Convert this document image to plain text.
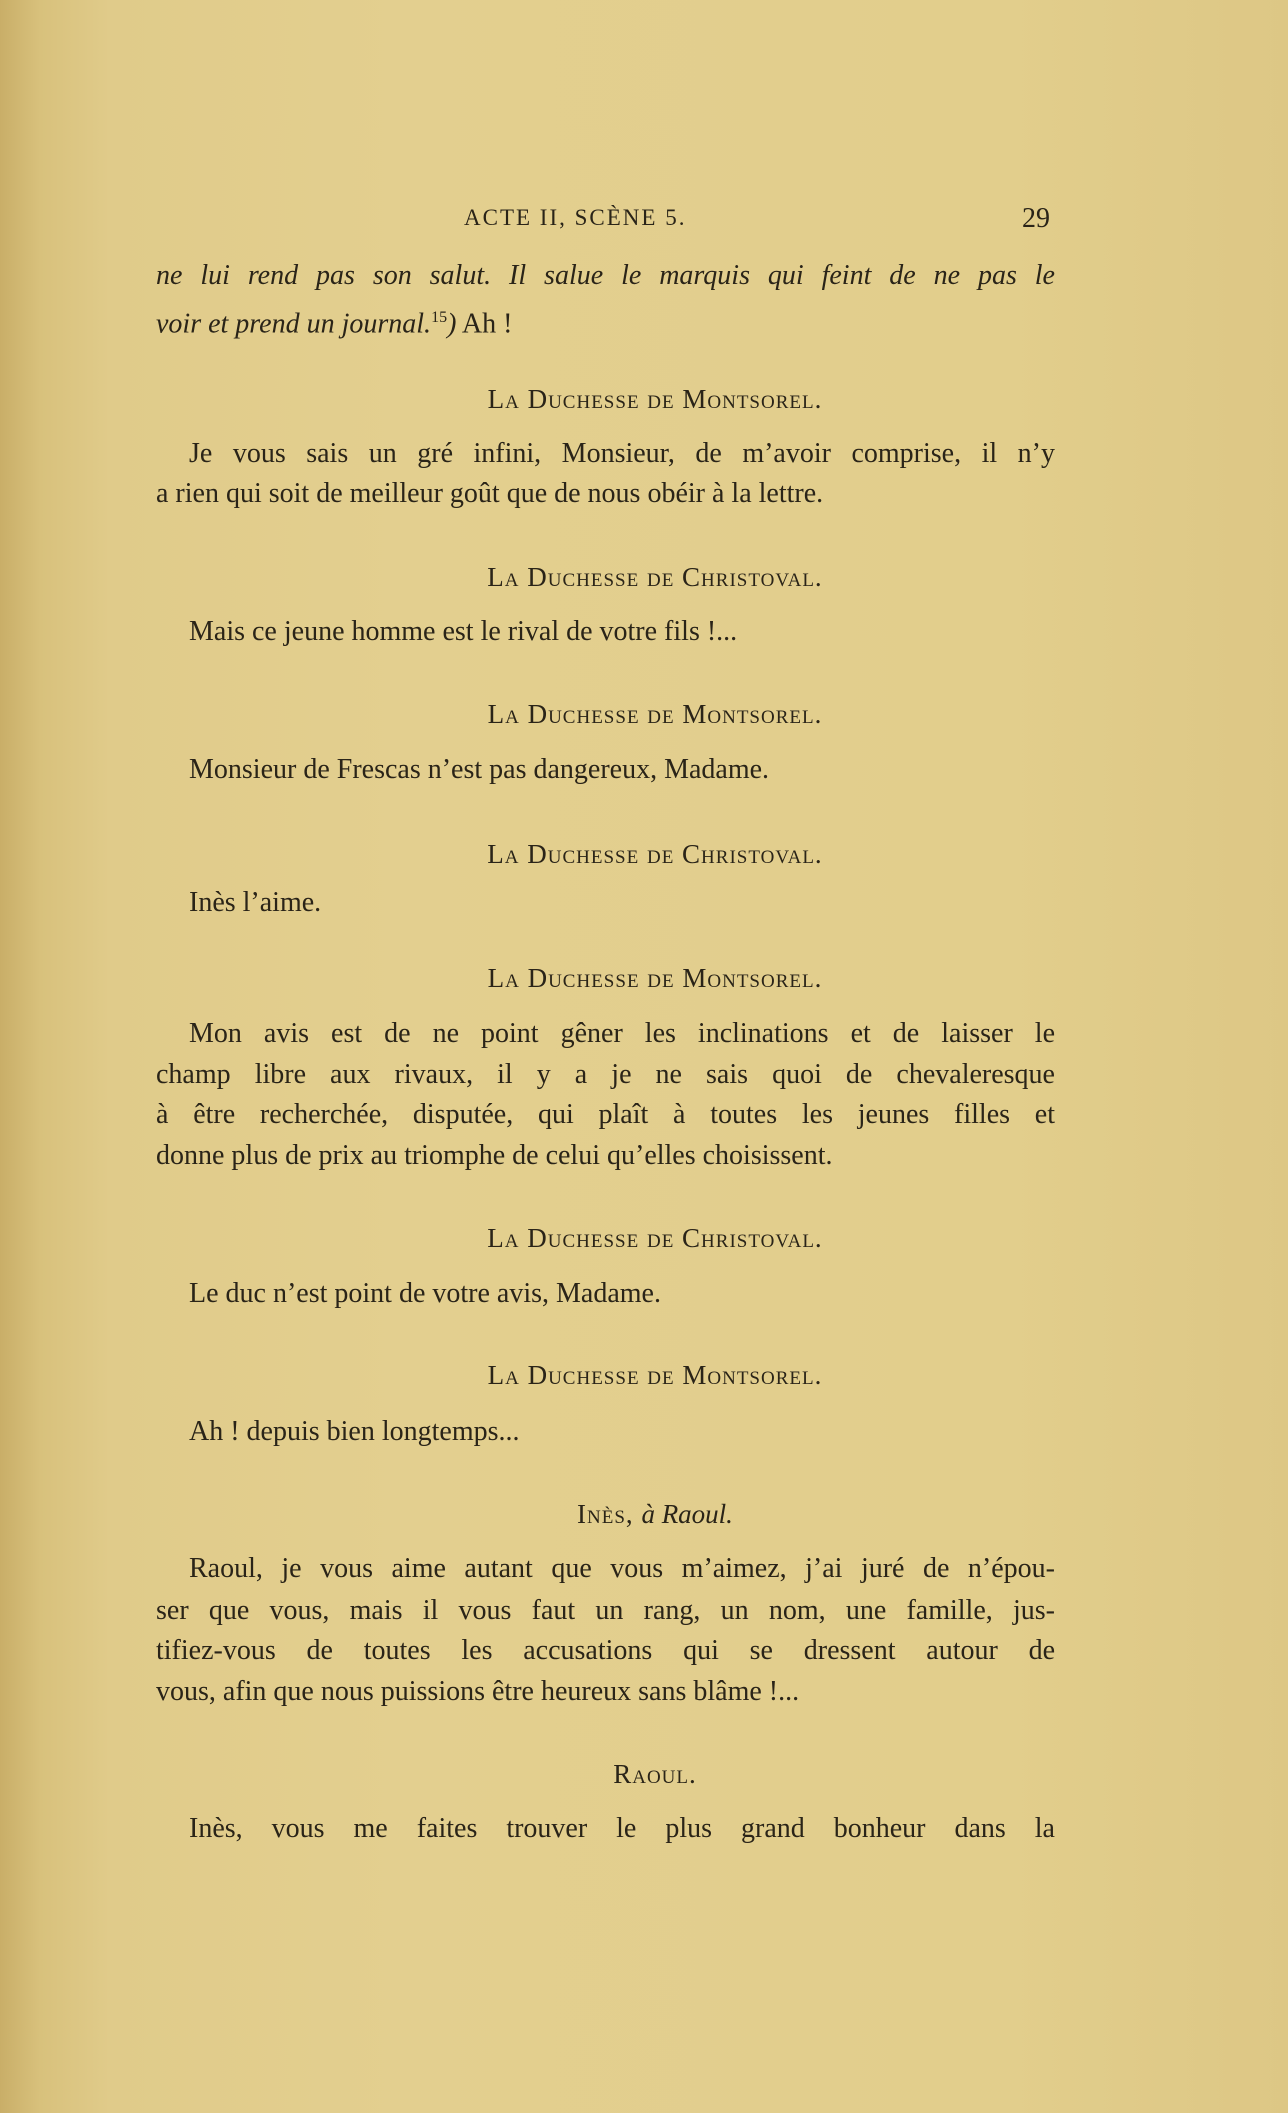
ACTE II, SCÈNE 5.	29
ne lui rend pas son salut. Il salue le marquis qui feint de ne pas le
voir et prend un journal.$^{15}$) Ah !
La Duchesse de Montsorel.
Je vous sais un gré infini, Monsieur, de m’avoir comprise, il n’y
a rien qui soit de meilleur goût que de nous obéir à la lettre.
La Duchesse de Christoval.
Mais ce jeune homme est le rival de votre fils !...
La Duchesse de Montsorel.
Monsieur de Frescas n’est pas dangereux, Madame.
La Duchesse de Christoval.
Inès l’aime.
La Duchesse de Montsorel.
Mon avis est de ne point gêner les inclinations et de laisser le
champ libre aux rivaux, il y a je ne sais quoi de chevaleresque
à être recherchée, disputée, qui plaît à toutes les jeunes filles et
donne plus de prix au triomphe de celui qu’elles choisissent.
La Duchesse de Christoval.
Le duc n’est point de votre avis, Madame.
La Duchesse de Montsorel.
Ah ! depuis bien longtemps...
Inès, à Raoul.
Raoul, je vous aime autant que vous m’aimez, j’ai juré de n’épou-
ser que vous, mais il vous faut un rang, un nom, une famille, jus-
tifiez-vous de toutes les accusations qui se dressent autour de
vous, afin que nous puissions être heureux sans blâme !...
Raoul.
Inès, vous me faites trouver le plus grand bonheur dans la
